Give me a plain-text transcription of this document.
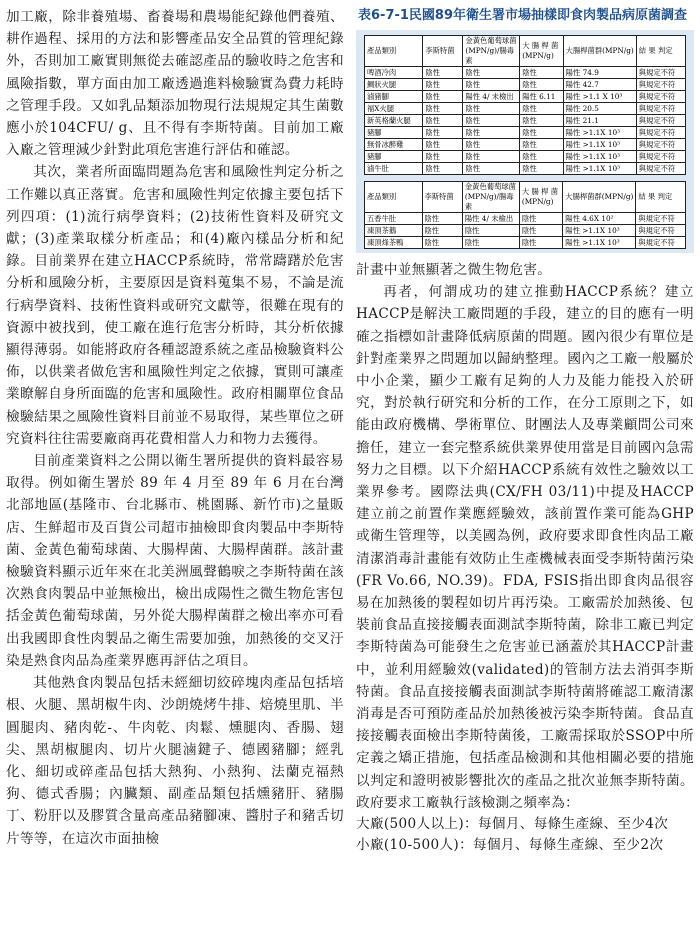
加工廠，除非養殖場、畜養場和農場能紀錄他們養殖、耕作過程、採用的方法和影響產品安全品質的管理紀錄外，否則加工廠實則無從去確認產品的驗收時之危害和風險指數，單方面由加工廠透過進料檢驗實為費力耗時之管理手段。又如乳品類添加物現行法規規定其生菌數應小於104CFU/ g、且不得有李斯特菌。目前加工廠入廠之管理減少針對此項危害進行評估和確認。

其次，業者所面臨問題為危害和風險性判定分析之工作難以真正落實。危害和風險性判定依據主要包括下列四項：(1)流行病學資料；(2)技術性資料及研究文獻；(3)產業取樣分析產品；和(4)廠內樣品分析和紀錄。目前業界在建立HACCP系統時，常常躊躇於危害分析和風險分析，主要原因是資料蒐集不易，不論是流行病學資料、技術性資料或研究文獻等，很難在現有的資源中被找到，使工廠在進行危害分析時，其分析依據顯得薄弱。如能將政府各種認證系統之產品檢驗資料公佈，以供業者做危害和風險性判定之依據，實則可讓產業瞭解自身所面臨的危害和風險性。政府相關單位食品檢驗結果之風險性資料目前並不易取得，某些單位之研究資料往往需要廠商再花費相當人力和物力去獲得。

目前產業資料之公開以衛生署所提供的資料最容易取得。例如衛生署於 89 年 4 月至 89 年 6 月在台灣北部地區(基隆市、台北縣市、桃園縣、新竹市)之量販店、生鮮超市及百貨公司超市抽檢即食肉製品中李斯特菌、金黃色葡萄球菌、大腸桿菌、大腸桿菌群。該計畫檢驗資料顯示近年來在北美洲風聲鶴唳之李斯特菌在該次熟食肉製品中並無檢出，檢出成陽性之微生物危害包括金黃色葡萄球菌，另外從大腸桿菌群之檢出率亦可看出我國即食性肉製品之衛生需要加強，加熱後的交叉汙染是熟食肉品為產業界應再評估之項目。

其他熟食肉製品包括未經細切絞碎塊肉產品包括培根、火腿、黑胡椒牛肉、沙朗燒烤牛排、焙燒里肌、半圓腿肉、豬肉乾-、牛肉乾、肉鬆、燻腿肉、香腸、翅尖、黑胡椒腿肉、切片火腿滷鍵子、德國豬腳；經乳化、細切或碎產品包括大熱狗、小熱狗、法蘭克福熱狗、德式香腸；內臟類、副產品類包括燻豬肝、豬腸丁、粉肝以及膠質含量高產品豬腳凍、醬肘子和豬舌切片等等，在這次市面抽檢

表6-7-1民國89年衛生署市場抽樣即食肉製品病原菌調查
產品類別	李斯特菌	金黃色葡萄球菌(MPN/g)/腸毒素	大 腸 桿 菌(MPN/g)	大腸桿菌群(MPN/g)	結 果 判定
啤酒冷肉	陰性	陰性	陰性	陽性 74.9	與規定不符
鯛狀火腿	陰性	陰性	陰性	陽性 42.7	與規定不符
滷豬腳	陰性	陽性 4/ 未檢出	陽性 6.11	陽性 >1.1 X 10³	與規定不符
福X火腿	陰性	陰性	陰性	陽性 20.5	與規定不符
新英格蘭火腿	陰性	陰性	陰性	陽性 21.1	與規定不符
豬腳	陰性	陰性	陰性	陽性 >1.1X 10³	與規定不符
無骨冰醉雞	陰性	陰性	陰性	陽性 >1.1X 10³	與規定不符
豬腳	陰性	陰性	陰性	陽性 >1.1X 10³	與規定不符
滷牛肚	陰性	陰性	陰性	陽性 >1.1X 10³	與規定不符
產品類別	李斯特菌	金黃色葡萄球菌(MPN/g)/腸毒素	大 腸 桿 菌(MPN/g)	大腸桿菌群(MPN/g)	結 果 判定
五香牛肚	陰性	陽性 4/ 未檢出	陰性	陽性 4.6X 10²	與規定不符
凍頂茶鵝	陰性	陰性	陰性	陽性 >1.1X 10³	與規定不符
凍頂烽茶鴨	陰性	陰性	陰性	陽性 >1.1X 10³	與規定不符

計畫中並無顯著之微生物危害。

再者，何謂成功的建立推動HACCP系統？建立HACCP是解決工廠問題的手段，建立的目的應有一明確之指標如計畫降低病原菌的問題。國內很少有單位是針對產業界之問題加以歸納整理。國內之工廠一般屬於中小企業，顯少工廠有足夠的人力及能力能投入於研究，對於執行研究和分析的工作，在分工原則之下，如能由政府機構、學術單位、財團法人及專業顧問公司來擔任，建立一套完整系統供業界使用當是目前國內急需努力之目標。以下介紹HACCP系統有效性之驗效以工業界參考。國際法典(CX/FH 03/11)中提及HACCP建立前之前置作業應經驗效，該前置作業可能為GHP或衛生管理等，以美國為例，政府要求即食性肉品工廠清潔消毒計畫能有效防止生產機械表面受李斯特菌污染(FR Vo.66, NO.39)。FDA, FSIS指出即食肉品很容易在加熱後的製程如切片再汚染。工廠需於加熱後、包裝前食品直接接觸表面測試李斯特菌，除非工廠已判定李斯特菌為可能發生之危害並已涵蓋於其HACCP計畫中，並利用經驗效(validated)的管制方法去消弭李斯特菌。食品直接接觸表面測試李斯特菌將確認工廠清潔消毒是否可預防產品於加熱後被污染李斯特菌。食品直接接觸表面檢出李斯特菌後，工廠需採取於SSOP中所定義之矯正措施，包括產品檢測和其他相關必要的措施以判定和證明被影響批次的產品之批次並無李斯特菌。政府要求工廠執行該檢測之頻率為：

大廠(500人以上)：每個月、每條生產線、至少4次

小廠(10-500人)：每個月、每條生產線、至少2次
